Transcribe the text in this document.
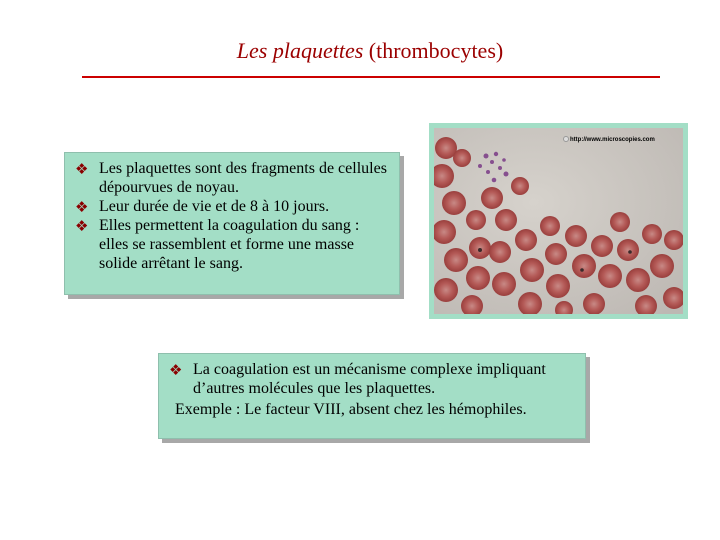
Les plaquettes (thrombocytes)
❖ Les plaquettes sont des fragments de cellules dépourvues de noyau.
❖ Leur durée de vie et de 8 à 10 jours.
❖ Elles permettent la coagulation du sang : elles se rassemblent et forme une masse solide arrêtant le sang.
http://www.microscopies.com
❖ La coagulation est un mécanisme complexe impliquant d’autres molécules que les plaquettes.
Exemple : Le facteur VIII, absent chez les hémophiles.
